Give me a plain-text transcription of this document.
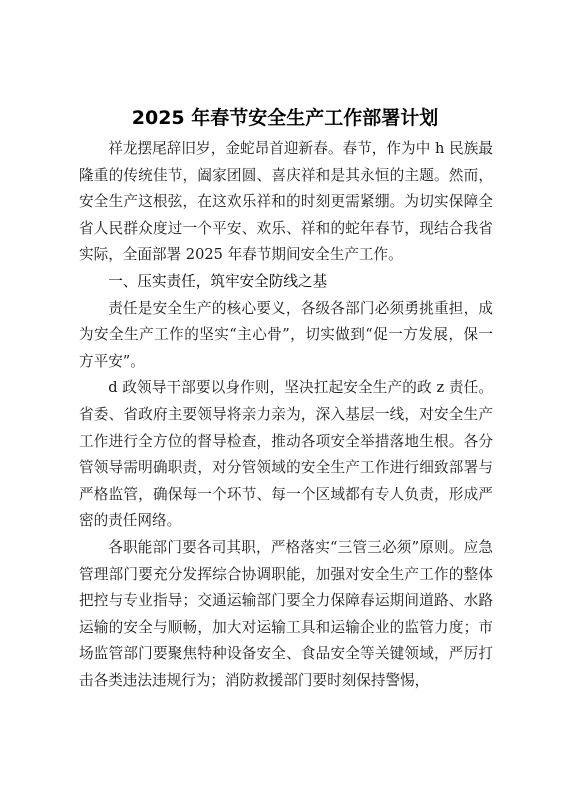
2025 年春节安全生产工作部署计划

祥龙摆尾辞旧岁，金蛇昂首迎新春。春节，作为中 h 民族最隆重的传统佳节，阖家团圆、喜庆祥和是其永恒的主题。然而，安全生产这根弦，在这欢乐祥和的时刻更需紧绷。为切实保障全省人民群众度过一个平安、欢乐、祥和的蛇年春节，现结合我省实际，全面部署 2025 年春节期间安全生产工作。

一、压实责任，筑牢安全防线之基

责任是安全生产的核心要义，各级各部门必须勇挑重担，成为安全生产工作的坚实“主心骨”，切实做到“促一方发展，保一方平安”。

d 政领导干部要以身作则，坚决扛起安全生产的政 z 责任。省委、省政府主要领导将亲力亲为，深入基层一线，对安全生产工作进行全方位的督导检查，推动各项安全举措落地生根。各分管领导需明确职责，对分管领域的安全生产工作进行细致部署与严格监管，确保每一个环节、每一个区域都有专人负责，形成严密的责任网络。

各职能部门要各司其职，严格落实“三管三必须”原则。应急管理部门要充分发挥综合协调职能，加强对安全生产工作的整体把控与专业指导；交通运输部门要全力保障春运期间道路、水路运输的安全与顺畅，加大对运输工具和运输企业的监管力度；市场监管部门要聚焦特种设备安全、食品安全等关键领域，严厉打击各类违法违规行为；消防救援部门要时刻保持警惕，
